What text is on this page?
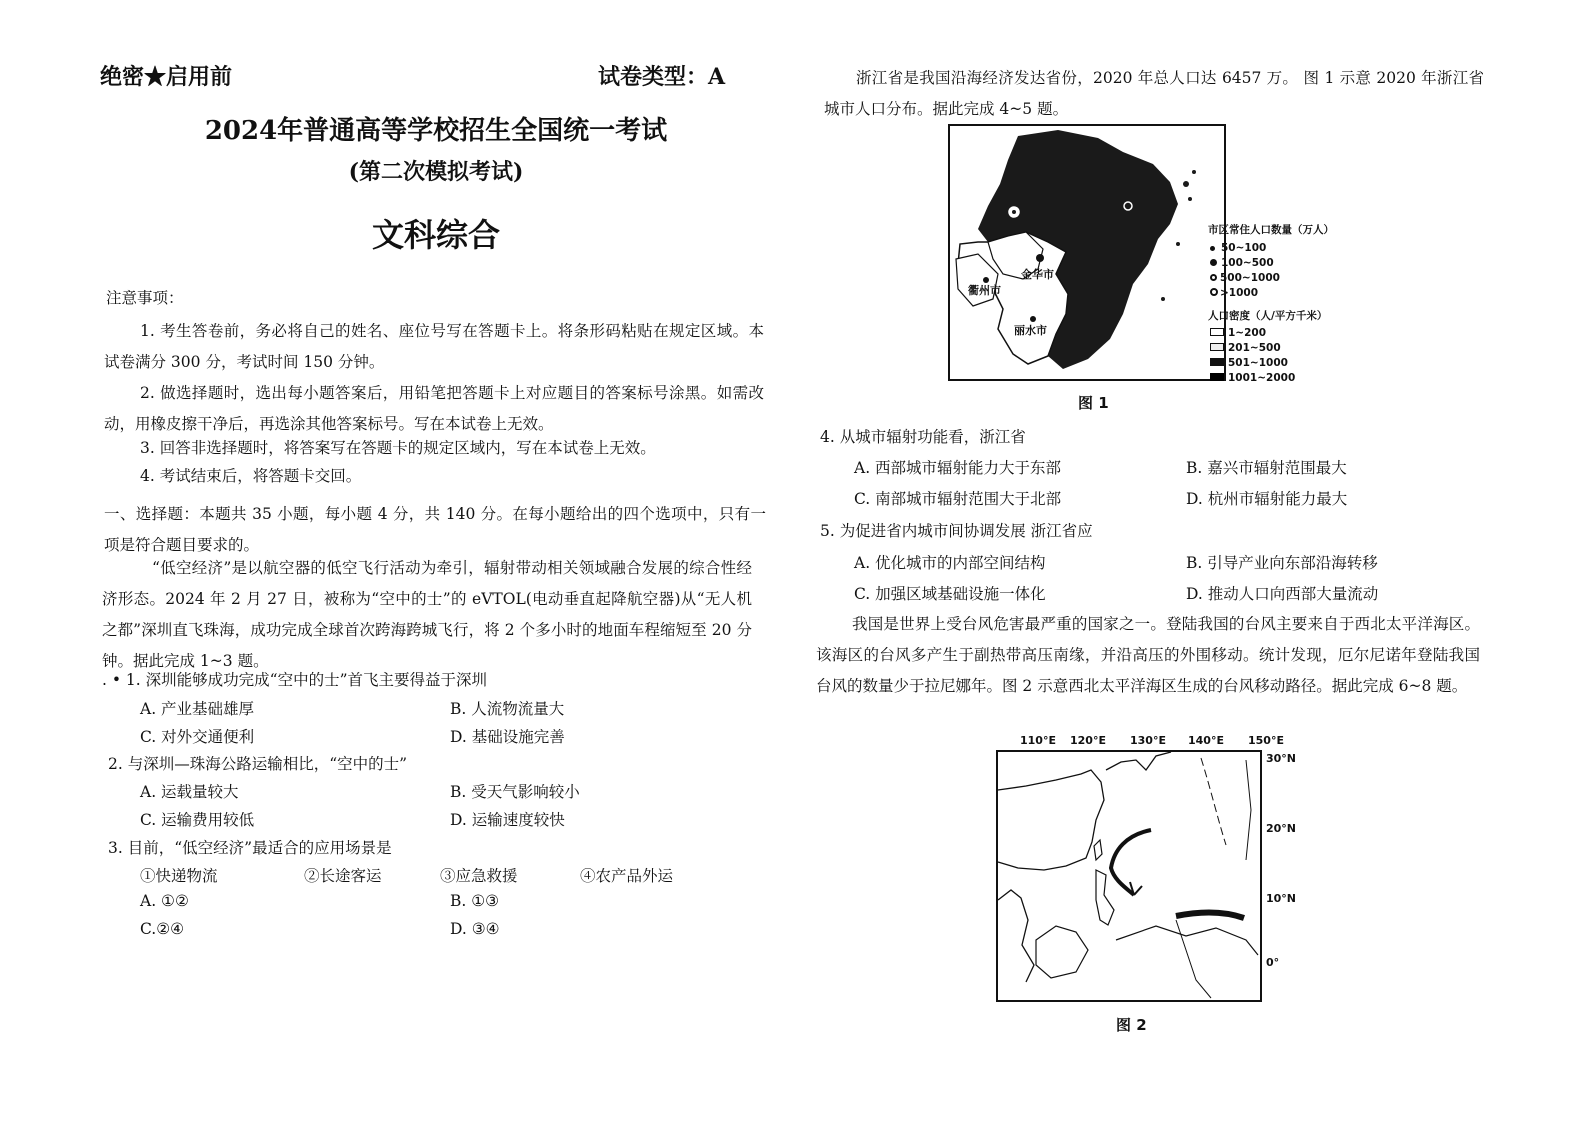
绝密★启用前	试卷类型：A
2024年普通高等学校招生全国统一考试
(第二次模拟考试)
文科综合
注意事项：
1. 考生答卷前，务必将自己的姓名、座位号写在答题卡上。将条形码粘贴在规定区域。本试卷满分 300 分，考试时间 150 分钟。
2. 做选择题时，选出每小题答案后，用铅笔把答题卡上对应题目的答案标号涂黑。如需改动，用橡皮擦干净后，再选涂其他答案标号。写在本试卷上无效。
3. 回答非选择题时，将答案写在答题卡的规定区域内，写在本试卷上无效。
4. 考试结束后，将答题卡交回。
一、选择题：本题共 35 小题，每小题 4 分，共 140 分。在每小题给出的四个选项中，只有一项是符合题目要求的。
“低空经济”是以航空器的低空飞行活动为牵引，辐射带动相关领域融合发展的综合性经济形态。2024 年 2 月 27 日，被称为“空中的士”的 eVTOL(电动垂直起降航空器)从“无人机之都”深圳直飞珠海，成功完成全球首次跨海跨城飞行，将 2 个多小时的地面车程缩短至 20 分钟。据此完成 1~3 题。
. • 1. 深圳能够成功完成“空中的士”首飞主要得益于深圳
A. 产业基础雄厚	B. 人流物流量大
C. 对外交通便利	D. 基础设施完善
2. 与深圳—珠海公路运输相比，“空中的士”
A. 运载量较大	B. 受天气影响较小
C. 运输费用较低	D. 运输速度较快
3. 目前，“低空经济”最适合的应用场景是
①快递物流	②长途客运	③应急救援	④农产品外运
A. ①②	B. ①③
C.②④	D. ③④
浙江省是我国沿海经济发达省份，2020 年总人口达 6457 万。 图 1 示意 2020 年浙江省城市人口分布。据此完成 4~5 题。
金华市
衢州市
丽水市
市区常住人口数量（万人）
50~100
100~500
500~1000
>1000
人口密度（人/平方千米）
1~200
201~500
501~1000
1001~2000
图 1
4. 从城市辐射功能看，浙江省
A. 西部城市辐射能力大于东部	B. 嘉兴市辐射范围最大
C. 南部城市辐射范围大于北部	D. 杭州市辐射能力最大
5. 为促进省内城市间协调发展 浙江省应
A. 优化城市的内部空间结构	B. 引导产业向东部沿海转移
C. 加强区域基础设施一体化	D. 推动人口向西部大量流动
我国是世界上受台风危害最严重的国家之一。登陆我国的台风主要来自于西北太平洋海区。该海区的台风多产生于副热带高压南缘，并沿高压的外围移动。统计发现，厄尔尼诺年登陆我国台风的数量少于拉尼娜年。图 2 示意西北太平洋海区生成的台风移动路径。据此完成 6~8 题。
110°E 120°E 130°E 140°E 150°E
30°N
20°N
10°N
0°
图 2
